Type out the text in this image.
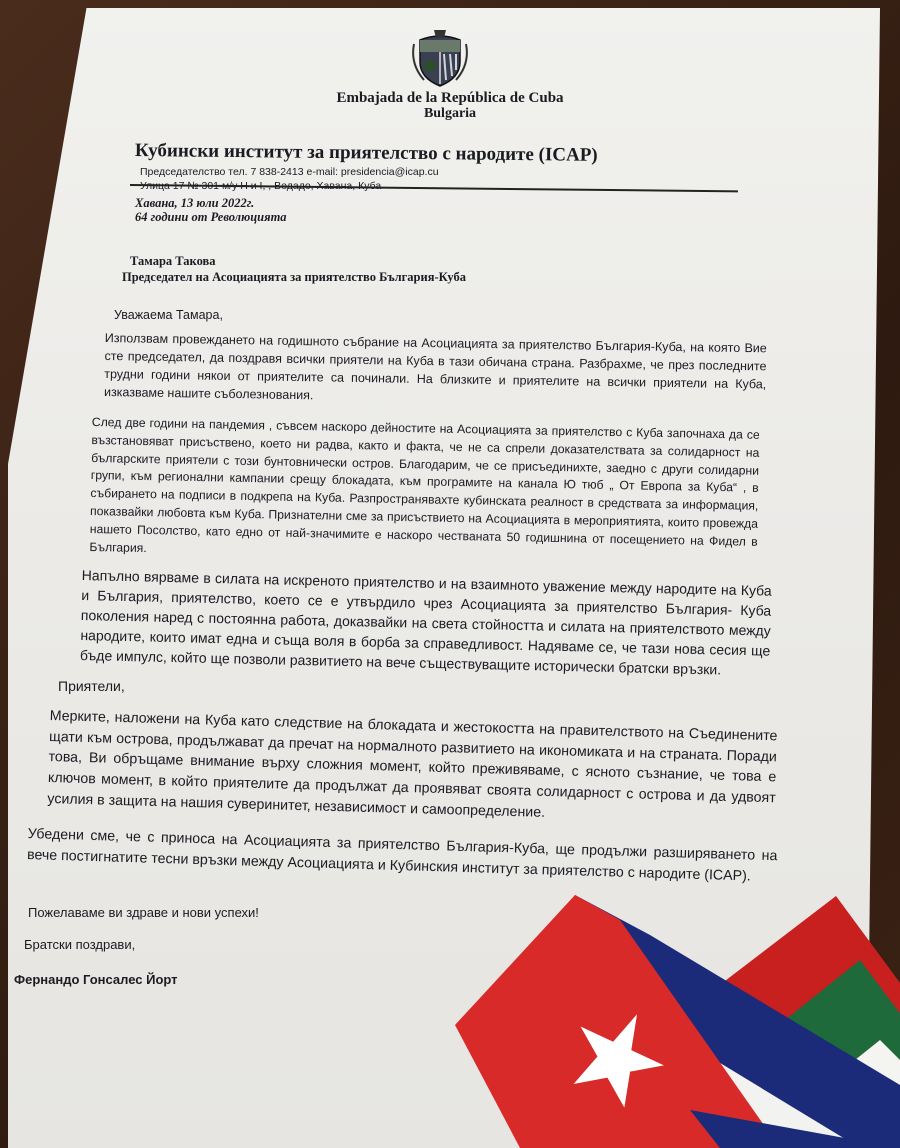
Embajada de la República de Cuba
Bulgaria
Кубински институт за приятелство с народите (ICAP)
Председателство тел. 7 838-2413 e-mail: presidencia@icap.cu
Хавана, 13 юли 2022г.
64 години от Революцията
Тамара Такова
Председател на Асоциацията за приятелство България-Куба
Уважаема Тамара,

Използвам провеждането на годишното събрание на Асоциацията за приятелство България-Куба, на която Вие сте председател, да поздравя всички приятели на Куба в тази обичана страна. Разбрахме, че през последните трудни години някои от приятелите са починали. На близките и приятелите на всички приятели на Куба, изказваме нашите съболезнования.

След две години на пандемия , съвсем наскоро дейностите на Асоциацията за приятелство с Куба започнаха да се възстановяват присъствено, което ни радва, както и факта, че не са спрели доказателствата за солидарност на българските приятели с този бунтовнически остров. Благодарим, че се присъединихте, заедно с други солидарни групи, към регионални кампании срещу блокадата, към програмите на канала Ю тюб „ От Европа за Куба“ , в събирането на подписи в подкрепа на Куба. Разпространявахте кубинската реалност в средствата за информация, показвайки любовта към Куба. Признателни сме за присъствието на Асоциацията в мероприятията, които провежда нашето Посолство, като едно от най-значимите е наскоро честваната 50 годишнина от посещението на Фидел в България.

Напълно вярваме в силата на искреното приятелство и на взаимното уважение между народите на Куба и България, приятелство, което се е утвърдило чрез Асоциацията за приятелство България- Куба поколения наред с постоянна работа, доказвайки на света стойността и силата на приятелството между народите, които имат една и съща воля в борба за справедливост. Надяваме се, че тази нова сесия ще бъде импулс, който ще позволи развитието на вече съществуващите исторически братски връзки.

Приятели,

Мерките, наложени на Куба като следствие на блокадата и жестокостта на правителството на Съединените щати към острова, продължават да пречат на нормалното развитието на икономиката и на страната. Поради това, Ви обръщаме внимание върху сложния момент, който преживяваме, с ясното съзнание, че това е ключов момент, в който приятелите да продължат да проявяват своята солидарност с острова и да удвоят усилия в защита на нашия суверинитет, независимост и самоопределение.

Убедени сме, че с приноса на Асоциацията за приятелство България-Куба, ще продължи разширяването на вече постигнатите тесни връзки между Асоциацията и Кубинския институт за приятелство с народите (ICAP).

Пожелаваме ви здраве и нови успехи!
Братски поздрави,
Фернандо Гонсалес Йорт
